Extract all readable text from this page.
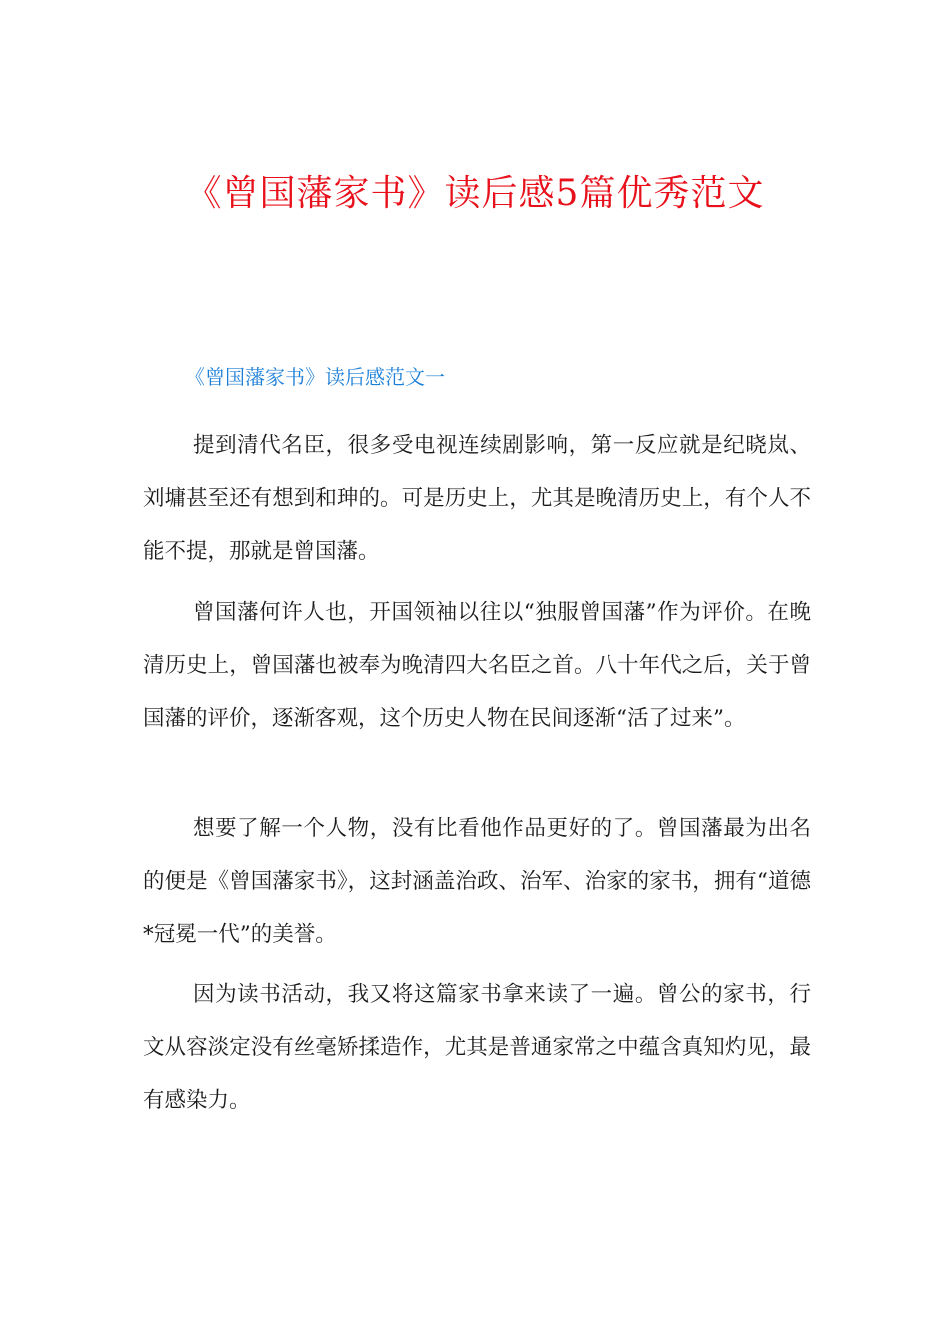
《曾国藩家书》读后感5篇优秀范文
《曾国藩家书》读后感范文一

提到清代名臣，很多受电视连续剧影响，第一反应就是纪晓岚、刘墉甚至还有想到和珅的。可是历史上，尤其是晚清历史上，有个人不能不提，那就是曾国藩。

曾国藩何许人也，开国领袖以往以“独服曾国藩”作为评价。在晚清历史上，曾国藩也被奉为晚清四大名臣之首。八十年代之后，关于曾国藩的评价，逐渐客观，这个历史人物在民间逐渐“活了过来”。

想要了解一个人物，没有比看他作品更好的了。曾国藩最为出名的便是《曾国藩家书》，这封涵盖治政、治军、治家的家书，拥有“道德*冠冕一代”的美誉。

因为读书活动，我又将这篇家书拿来读了一遍。曾公的家书，行文从容淡定没有丝毫矫揉造作，尤其是普通家常之中蕴含真知灼见，最有感染力。
